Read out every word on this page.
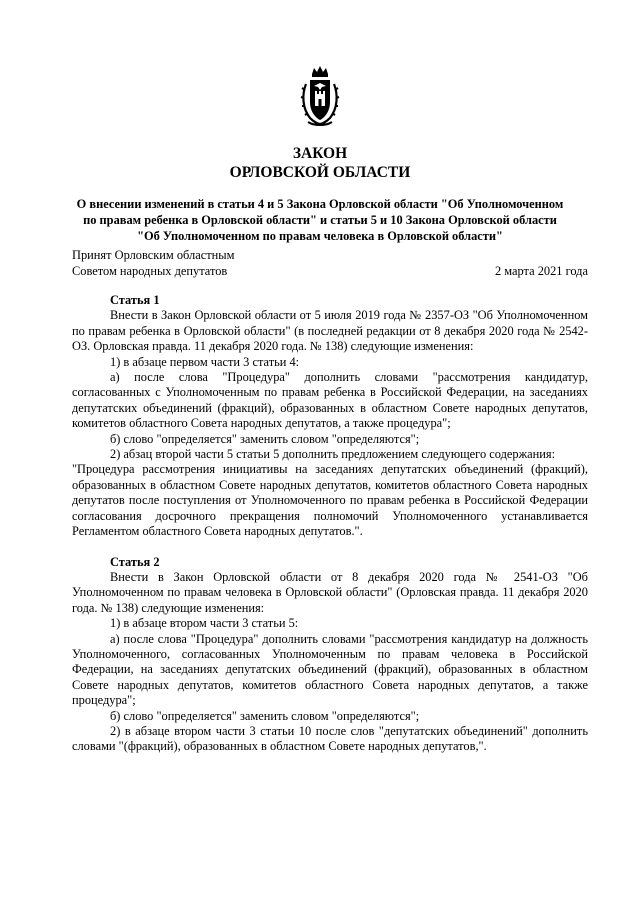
ЗАКОН
ОРЛОВСКОЙ ОБЛАСТИ
О внесении изменений в статьи 4 и 5 Закона Орловской области "Об Уполномоченном
по правам ребенка в Орловской области" и статьи 5 и 10 Закона Орловской области
"Об Уполномоченном по правам человека в Орловской области"
Принят Орловским областным
Советом народных депутатов	2 марта 2021 года

Статья 1

Внести в Закон Орловской области от 5 июля 2019 года № 2357-ОЗ "Об Уполномоченном по правам ребенка в Орловской области" (в последней редакции от 8 декабря 2020 года № 2542-ОЗ. Орловская правда. 11 декабря 2020 года. № 138) следующие изменения:

1) в абзаце первом части 3 статьи 4:

а) после слова "Процедура" дополнить словами "рассмотрения кандидатур, согласованных с Уполномоченным по правам ребенка в Российской Федерации, на заседаниях депутатских объединений (фракций), образованных в областном Совете народных депутатов, комитетов областного Совета народных депутатов, а также процедура";

б) слово "определяется" заменить словом "определяются";

2) абзац второй части 5 статьи 5 дополнить предложением следующего содержания:

"Процедура рассмотрения инициативы на заседаниях депутатских объединений (фракций), образованных в областном Совете народных депутатов, комитетов областного Совета народных депутатов после поступления от Уполномоченного по правам ребенка в Российской Федерации согласования досрочного прекращения полномочий Уполномоченного устанавливается Регламентом областного Совета народных депутатов.".

Статья 2

Внести в Закон Орловской области от 8 декабря 2020 года № 2541-ОЗ "Об Уполномоченном по правам человека в Орловской области" (Орловская правда. 11 декабря 2020 года. № 138) следующие изменения:

1) в абзаце втором части 3 статьи 5:

а) после слова "Процедура" дополнить словами "рассмотрения кандидатур на должность Уполномоченного, согласованных Уполномоченным по правам человека в Российской Федерации, на заседаниях депутатских объединений (фракций), образованных в областном Совете народных депутатов, комитетов областного Совета народных депутатов, а также процедура";

б) слово "определяется" заменить словом "определяются";

2) в абзаце втором части 3 статьи 10 после слов "депутатских объединений" дополнить словами "(фракций), образованных в областном Совете народных депутатов,".
